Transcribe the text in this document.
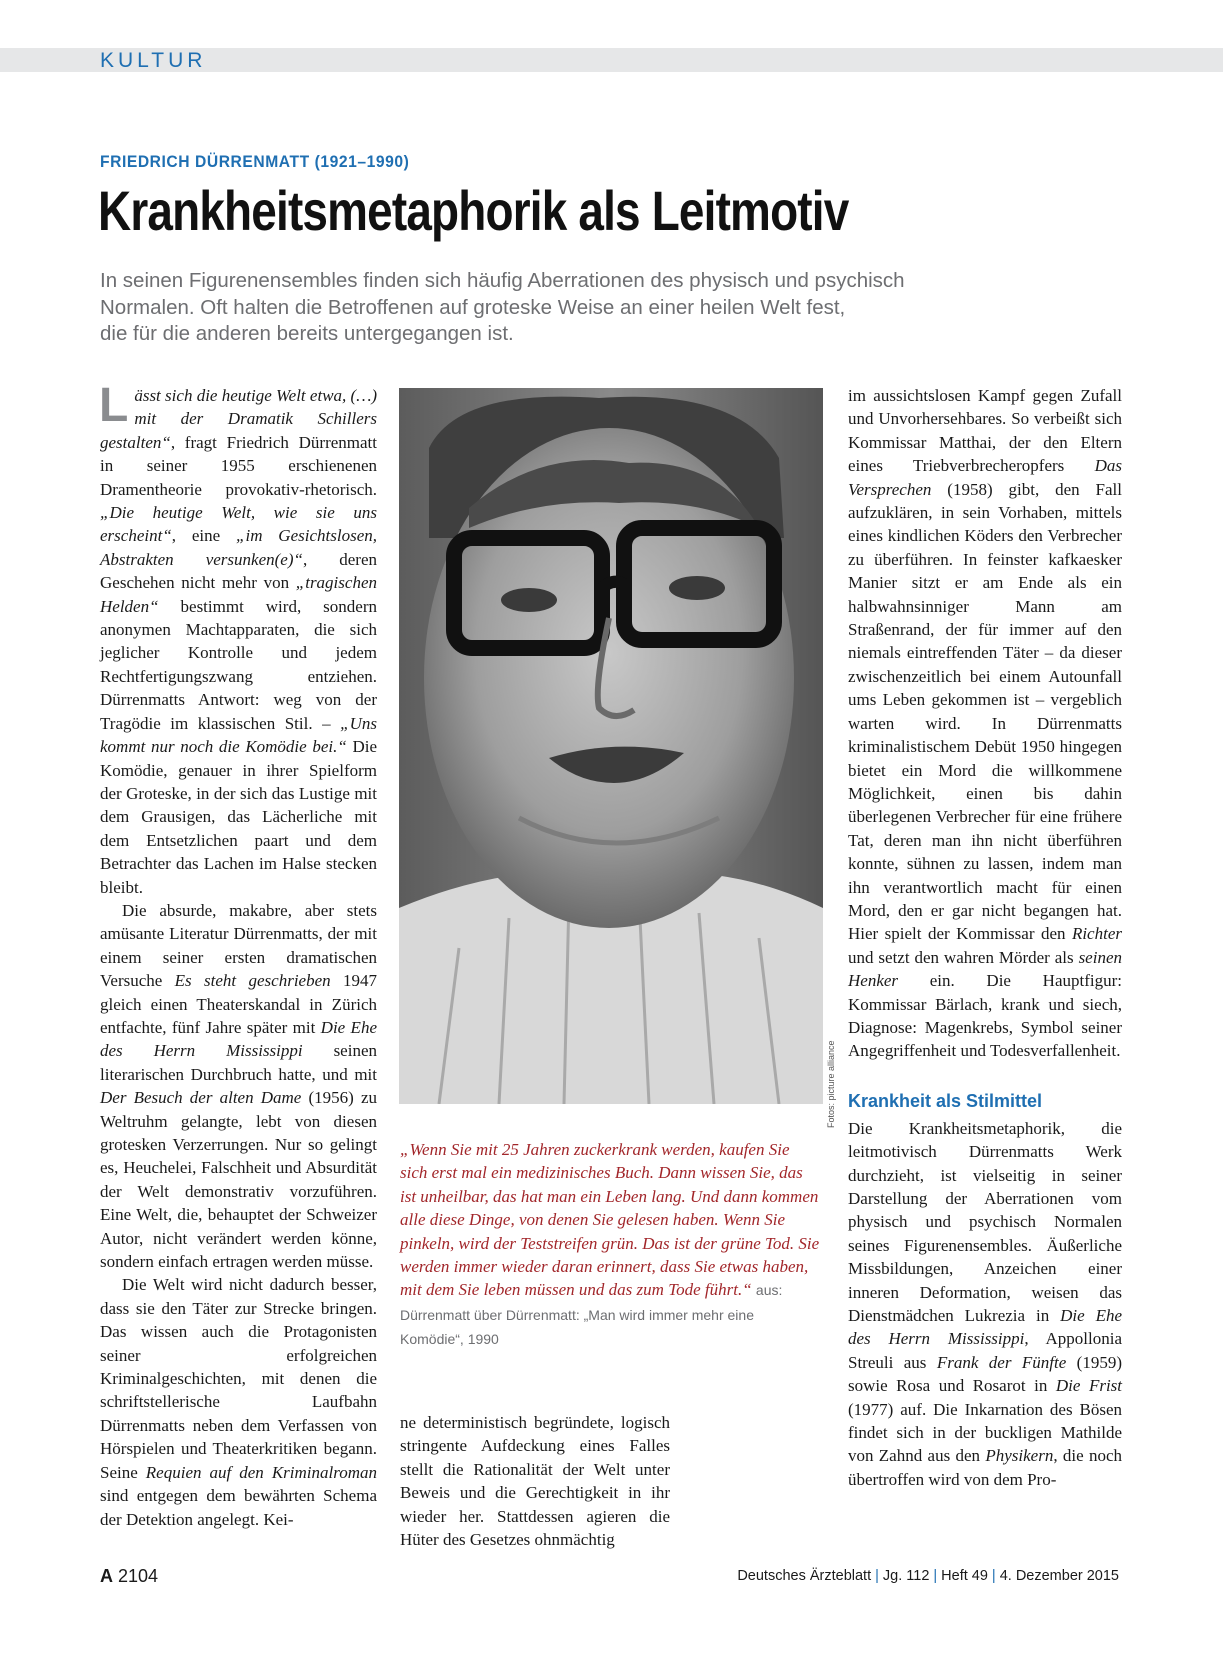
KULTUR
FRIEDRICH DÜRRENMATT (1921–1990)
Krankheitsmetaphorik als Leitmotiv
In seinen Figurenensembles finden sich häufig Aberrationen des physisch und psychisch
Normalen. Oft halten die Betroffenen auf groteske Weise an einer heilen Welt fest,
die für die anderen bereits untergegangen ist.

Lässt sich die heutige Welt etwa, (…) mit der Dramatik Schillers gestalten“, fragt Friedrich Dürrenmatt in seiner 1955 erschienenen Dramentheorie provokativ-rhetorisch. „Die heutige Welt, wie sie uns erscheint“, eine „im Gesichtslosen, Abstrakten versunken(e)“, deren Geschehen nicht mehr von „tragischen Helden“ bestimmt wird, sondern anonymen Machtapparaten, die sich jeglicher Kontrolle und jedem Rechtfertigungszwang entziehen. Dürrenmatts Antwort: weg von der Tragödie im klassischen Stil. – „Uns kommt nur noch die Komödie bei.“ Die Komödie, genauer in ihrer Spielform der Groteske, in der sich das Lustige mit dem Grausigen, das Lächerliche mit dem Entsetzlichen paart und dem Betrachter das Lachen im Halse stecken bleibt.

Die absurde, makabre, aber stets amüsante Literatur Dürrenmatts, der mit einem seiner ersten dramatischen Versuche Es steht geschrieben 1947 gleich einen Theaterskandal in Zürich entfachte, fünf Jahre später mit Die Ehe des Herrn Mississippi seinen literarischen Durchbruch hatte, und mit Der Besuch der alten Dame (1956) zu Weltruhm gelangte, lebt von diesen grotesken Verzerrungen. Nur so gelingt es, Heuchelei, Falschheit und Absurdität der Welt demonstrativ vorzuführen. Eine Welt, die, behauptet der Schweizer Autor, nicht verändert werden könne, sondern einfach ertragen werden müsse.

Die Welt wird nicht dadurch besser, dass sie den Täter zur Strecke bringen. Das wissen auch die Protagonisten seiner erfolgreichen Kriminalgeschichten, mit denen die schriftstellerische Laufbahn Dürrenmatts neben dem Verfassen von Hörspielen und Theaterkritiken begann. Seine Requien auf den Kriminalroman sind entgegen dem bewährten Schema der Detektion angelegt. Kei-

Fotos: picture alliance
„Wenn Sie mit 25 Jahren zuckerkrank werden, kaufen Sie sich erst mal ein medizinisches Buch. Dann wissen Sie, das ist unheilbar, das hat man ein Leben lang. Und dann kommen alle diese Dinge, von denen Sie gelesen haben. Wenn Sie pinkeln, wird der Teststreifen grün. Das ist der grüne Tod. Sie werden immer wieder daran erinnert, dass Sie etwas haben, mit dem Sie leben müssen und das zum Tode führt.“ aus: Dürrenmatt über Dürrenmatt: „Man wird immer mehr eine Komödie“, 1990

ne deterministisch begründete, logisch stringente Aufdeckung eines Falles stellt die Rationalität der Welt unter Beweis und die Gerechtigkeit in ihr wieder her. Stattdessen agieren die Hüter des Gesetzes ohnmächtig

im aussichtslosen Kampf gegen Zufall und Unvorhersehbares. So verbeißt sich Kommissar Matthai, der den Eltern eines Triebverbrecheropfers Das Versprechen (1958) gibt, den Fall aufzuklären, in sein Vorhaben, mittels eines kindlichen Köders den Verbrecher zu überführen. In feinster kafkaesker Manier sitzt er am Ende als ein halbwahnsinniger Mann am Straßenrand, der für immer auf den niemals eintreffenden Täter – da dieser zwischenzeitlich bei einem Autounfall ums Leben gekommen ist – vergeblich warten wird. In Dürrenmatts kriminalistischem Debüt 1950 hingegen bietet ein Mord die willkommene Möglichkeit, einen bis dahin überlegenen Verbrecher für eine frühere Tat, deren man ihn nicht überführen konnte, sühnen zu lassen, indem man ihn verantwortlich macht für einen Mord, den er gar nicht begangen hat. Hier spielt der Kommissar den Richter und setzt den wahren Mörder als seinen Henker ein. Die Hauptfigur: Kommissar Bärlach, krank und siech, Diagnose: Magenkrebs, Symbol seiner Angegriffenheit und Todesverfallenheit.

Krankheit als Stilmittel

Die Krankheitsmetaphorik, die leitmotivisch Dürrenmatts Werk durchzieht, ist vielseitig in seiner Darstellung der Aberrationen vom physisch und psychisch Normalen seines Figurenensembles. Äußerliche Missbildungen, Anzeichen einer inneren Deformation, weisen das Dienstmädchen Lukrezia in Die Ehe des Herrn Mississippi, Appollonia Streuli aus Frank der Fünfte (1959) sowie Rosa und Rosarot in Die Frist (1977) auf. Die Inkarnation des Bösen findet sich in der buckligen Mathilde von Zahnd aus den Physikern, die noch übertroffen wird von dem Pro-

A 2104	Deutsches Ärzteblatt | Jg. 112 | Heft 49 | 4. Dezember 2015
